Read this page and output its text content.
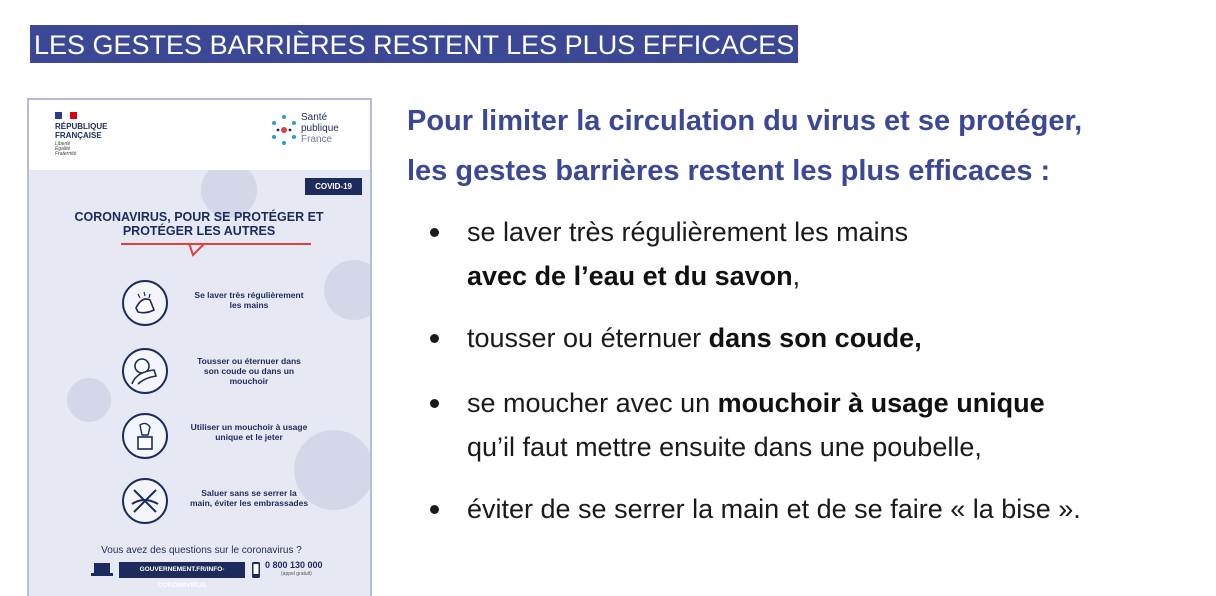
LES GESTES BARRIÈRES RESTENT LES PLUS EFFICACES
RÉPUBLIQUE
FRANÇAISE
Liberté
Égalité
Fraternité
Santé
publique
France
COVID-19
CORONAVIRUS, POUR SE PROTÉGER ET PROTÉGER LES AUTRES
Se laver très régulièrement les mains
Tousser ou éternuer dans son coude ou dans un mouchoir
Utiliser un mouchoir à usage unique et le jeter
Saluer sans se serrer la main, éviter les embrassades
Vous avez des questions sur le coronavirus ?
GOUVERNEMENT.FR/INFO-CORONAVIRUS
0 800 130 000
(appel gratuit)
Pour limiter la circulation du virus et se protéger,
les gestes barrières restent les plus efficaces :
se laver très régulièrement les mains
avec de l’eau et du savon,
tousser ou éternuer dans son coude,
se moucher avec un mouchoir à usage unique
qu’il faut mettre ensuite dans une poubelle,
éviter de se serrer la main et de se faire « la bise ».
